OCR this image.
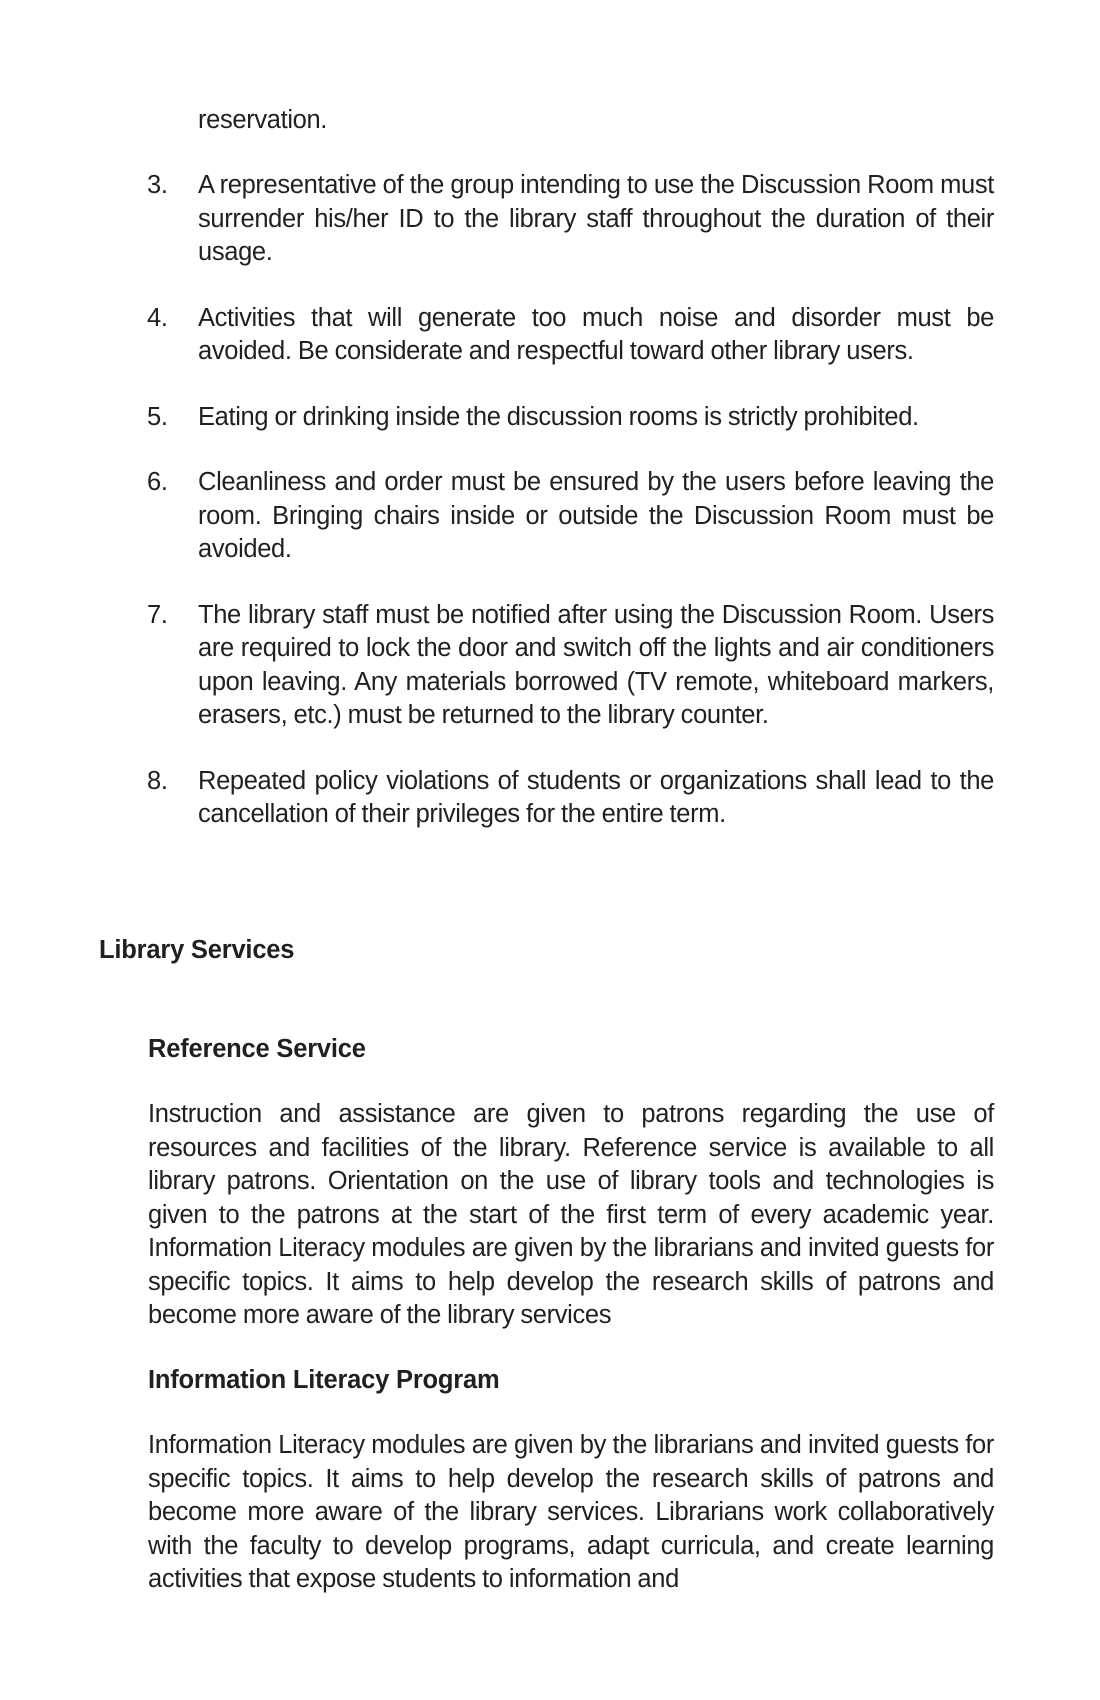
reservation.

3.	A representative of the group intending to use the Discussion Room must surrender his/her ID to the library staff throughout the duration of their usage.
4.	Activities that will generate too much noise and disorder must be avoided. Be considerate and respectful toward other library users.
5.	Eating or drinking inside the discussion rooms is strictly prohibited.
6.	Cleanliness and order must be ensured by the users before leaving the room. Bringing chairs inside or outside the Discussion Room must be avoided.
7.	The library staff must be notified after using the Discussion Room. Users are required to lock the door and switch off the lights and air conditioners upon leaving. Any materials borrowed (TV remote, whiteboard markers, erasers, etc.) must be returned to the library counter.
8.	Repeated policy violations of students or organizations shall lead to the cancellation of their privileges for the entire term.
Library Services
Reference Service

Instruction and assistance are given to patrons regarding the use of resources and facilities of the library. Reference service is available to all library patrons. Orientation on the use of library tools and technologies is given to the patrons at the start of the first term of every academic year. Information Literacy modules are given by the librarians and invited guests for specific topics. It aims to help develop the research skills of patrons and become more aware of the library services

Information Literacy Program

Information Literacy modules are given by the librarians and invited guests for specific topics. It aims to help develop the research skills of patrons and become more aware of the library services. Librarians work collaboratively with the faculty to develop programs, adapt curricula, and create learning activities that expose students to information and
